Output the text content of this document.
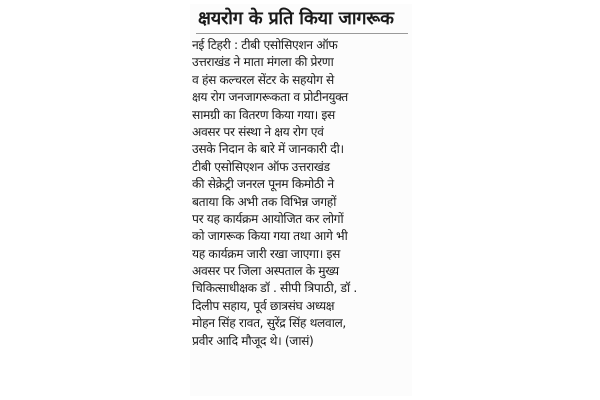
क्षयरोग के प्रति किया जागरूक
नई टिहरी : टीबी एसोसिएशन ऑफ
उत्तराखंड ने माता मंगला की प्रेरणा
व हंस कल्चरल सेंटर के सहयोग से
क्षय रोग जनजागरूकता व प्रोटीनयुक्त
सामग्री का वितरण किया गया। इस
अवसर पर संस्था ने क्षय रोग एवं
उसके निदान के बारे में जानकारी दी।
टीबी एसोसिएशन ऑफ उत्तराखंड
की सेक्रेट्री जनरल पूनम किमोठी ने
बताया कि अभी तक विभिन्न जगहों
पर यह कार्यक्रम आयोजित कर लोगों
को जागरूक किया गया तथा आगे भी
यह कार्यक्रम जारी रखा जाएगा। इस
अवसर पर जिला अस्पताल के मुख्य
चिकित्साधीक्षक डॉ . सीपी त्रिपाठी, डॉ .
दिलीप सहाय, पूर्व छात्रसंघ अध्यक्ष
मोहन सिंह रावत, सुरेंद्र सिंह थलवाल,
प्रवीर आदि मौजूद थे। (जासं)
